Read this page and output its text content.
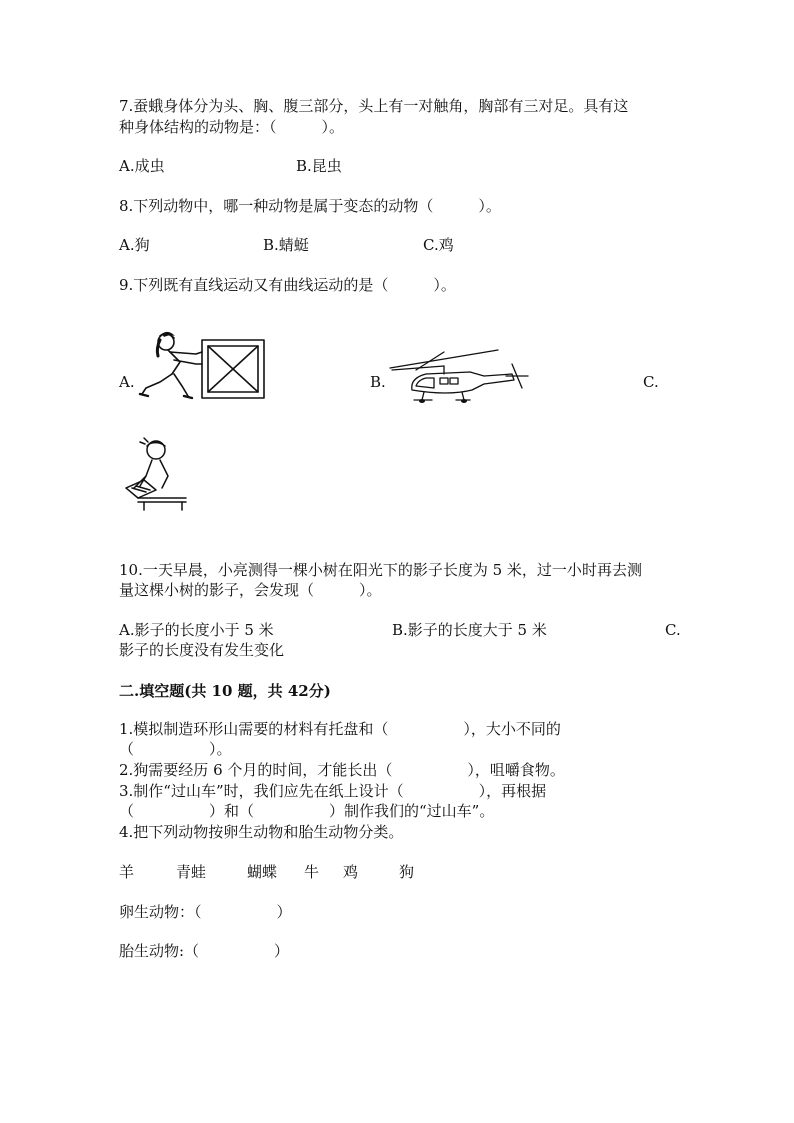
7.蚕蛾身体分为头、胸、腹三部分，头上有一对触角，胸部有三对足。具有这
种身体结构的动物是：（　　　）。
A.成虫	B.昆虫
8.下列动物中，哪一种动物是属于变态的动物（　　　）。
A.狗	B.蜻蜓	C.鸡
9.下列既有直线运动又有曲线运动的是（　　　）。
A.	B.	C.
10.一天早晨，小亮测得一棵小树在阳光下的影子长度为 5 米，过一小时再去测
量这棵小树的影子，会发现（　　　）。
A.影子的长度小于 5 米	B.影子的长度大于 5 米	C.
影子的长度没有发生变化
二.填空题(共 10 题，共 42分)
1.模拟制造环形山需要的材料有托盘和（　　　　　），大小不同的
（　　　　　）。
2.狗需要经历 6 个月的时间，才能长出（　　　　　），咀嚼食物。
3.制作“过山车”时，我们应先在纸上设计（　　　　　），再根据
（　　　　　）和（　　　　　）制作我们的“过山车”。
4.把下列动物按卵生动物和胎生动物分类。
羊	青蛙	蝴蝶 牛 鸡	狗
卵生动物：（　　　　　）
胎生动物:（　　　　　）
